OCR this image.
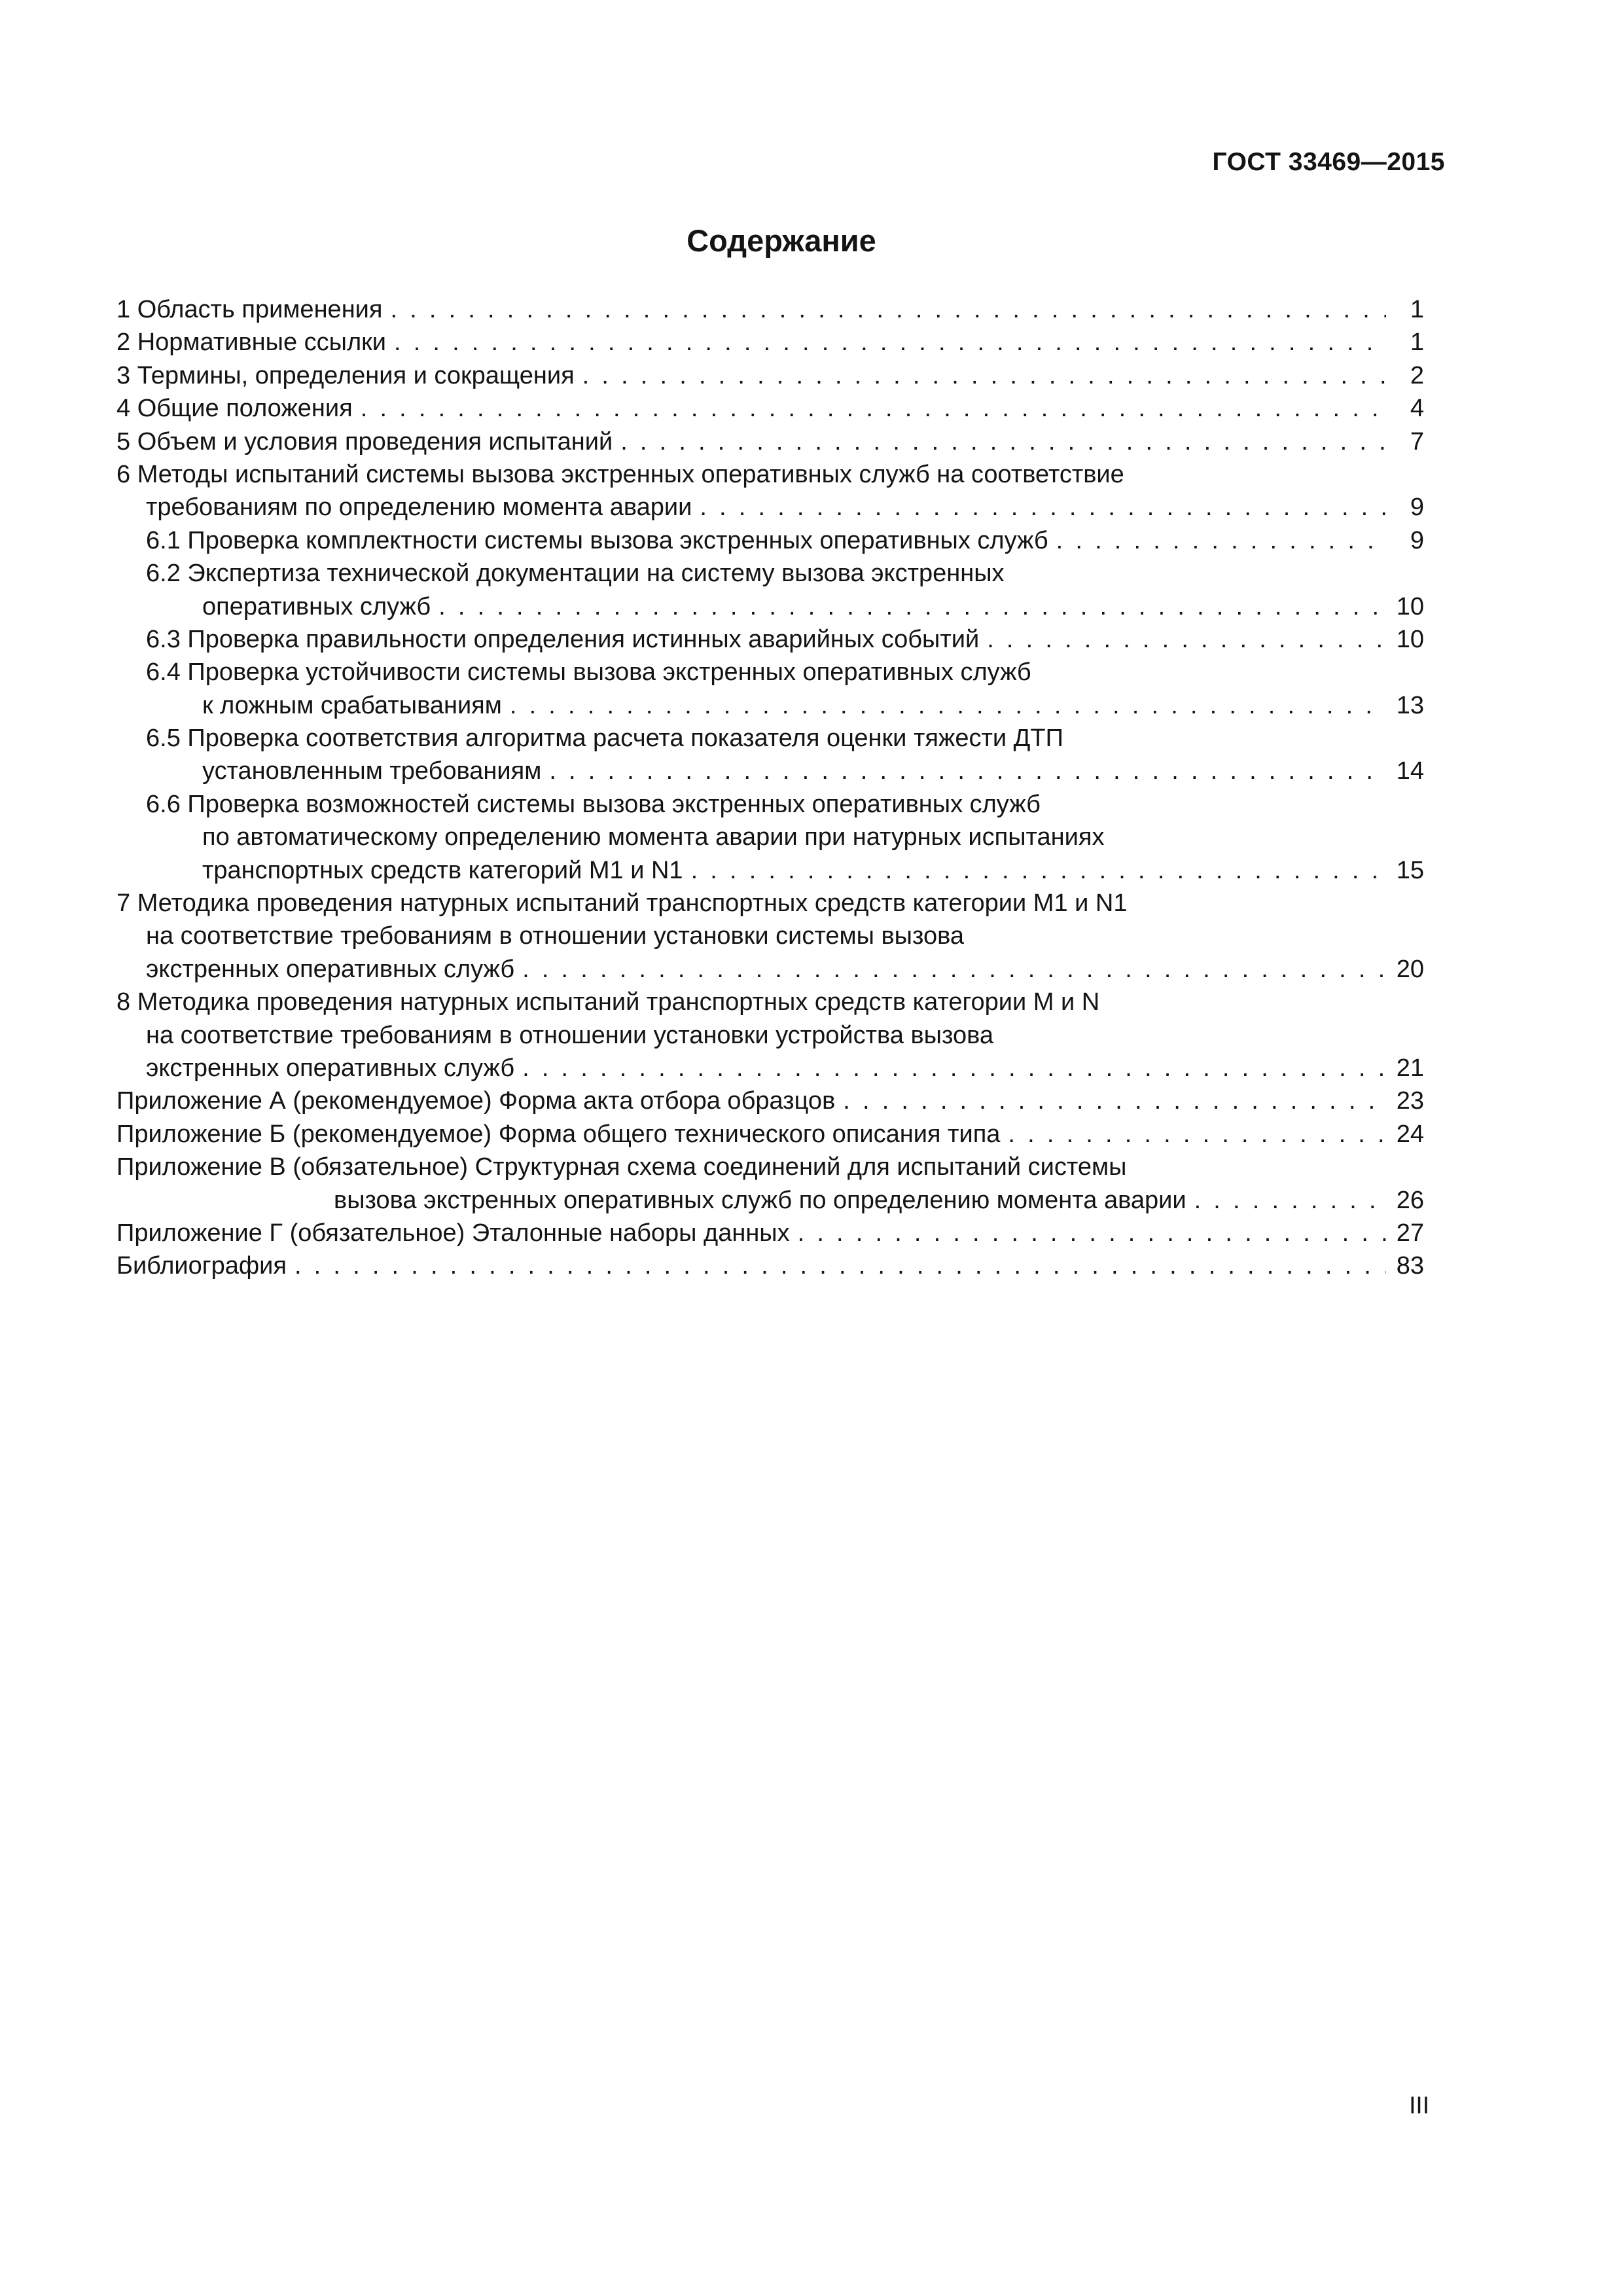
ГОСТ 33469—2015
Содержание
1 Область применения . . .	1
2 Нормативные ссылки . . .	1
3 Термины, определения и сокращения . . .	2
4 Общие положения . . .	4
5 Объем и условия проведения испытаний . . .	7
6 Методы испытаний системы вызова экстренных оперативных служб на соответствие
требованиям по определению момента аварии . . .	9
6.1 Проверка комплектности системы вызова экстренных оперативных служб . . .	9
6.2 Экспертиза технической документации на систему вызова экстренных
оперативных служб . . .	10
6.3 Проверка правильности определения истинных аварийных событий . . .	10
6.4 Проверка устойчивости системы вызова экстренных оперативных служб
к ложным срабатываниям . . .	13
6.5 Проверка соответствия алгоритма расчета показателя оценки тяжести ДТП
установленным требованиям . . .	14
6.6 Проверка возможностей системы вызова экстренных оперативных служб
по автоматическому определению момента аварии при натурных испытаниях
транспортных средств категорий М1 и N1 . . .	15
7 Методика проведения натурных испытаний транспортных средств категории М1 и N1
на соответствие требованиям в отношении установки системы вызова
экстренных оперативных служб . . .	20
8 Методика проведения натурных испытаний транспортных средств категории М и N
на соответствие требованиям в отношении установки устройства вызова
экстренных оперативных служб . . .	21
Приложение А (рекомендуемое) Форма акта отбора образцов . . .	23
Приложение Б (рекомендуемое) Форма общего технического описания типа . . .	24
Приложение В (обязательное) Структурная схема соединений для испытаний системы
вызова экстренных оперативных служб по определению момента аварии . . .	26
Приложение Г (обязательное) Эталонные наборы данных . . .	27
Библиография . . .	83
III
